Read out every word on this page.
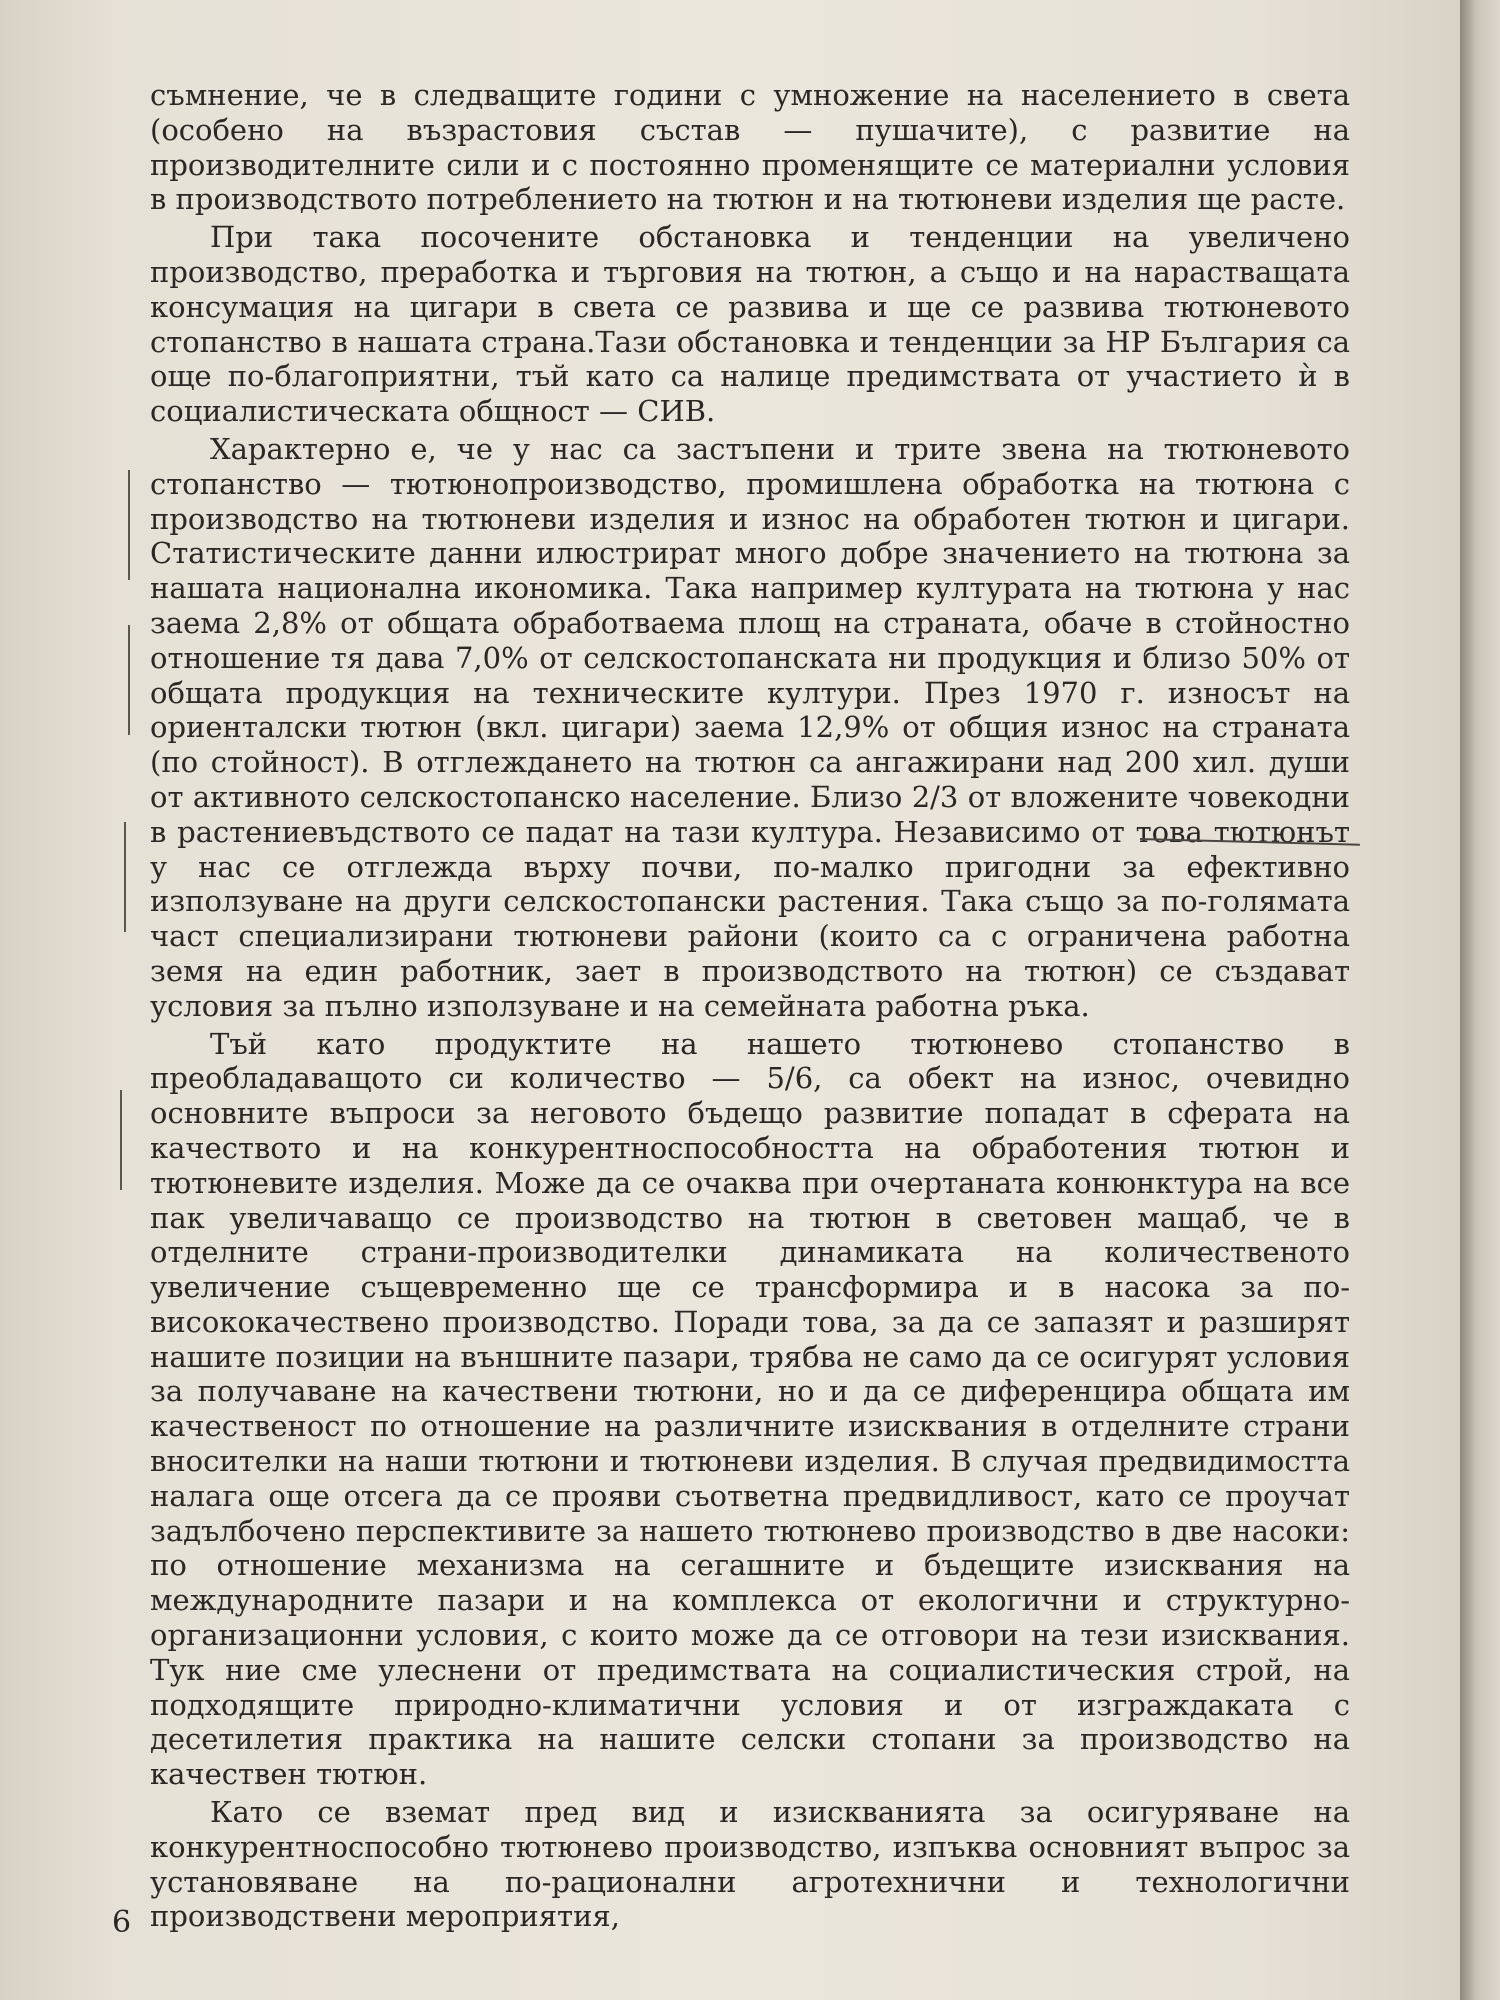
съмнение, че в следващите години с умножение на населението в света (особено на възрастовия състав — пушачите), с развитие на производителните сили и с постоянно променящите се материални условия в производството потреблението на тютюн и на тютюневи изделия ще расте.

При така посочените обстановка и тенденции на увеличено производство, преработка и търговия на тютюн, а също и на нарастващата консумация на цигари в света се развива и ще се развива тютюневото стопанство в нашата страна.Тази обстановка и тенденции за НР България са още по-благоприятни, тъй като са налице предимствата от участието ѝ в социалистическата общност — СИВ.

Характерно е, че у нас са застъпени и трите звена на тютюневото стопанство — тютюнопроизводство, промишлена обработка на тютюна с производство на тютюневи изделия и износ на обработен тютюн и цигари. Статистическите данни илюстрират много добре значението на тютюна за нашата национална икономика. Така например културата на тютюна у нас заема 2,8% от общата обработваема площ на страната, обаче в стойностно отношение тя дава 7,0% от селскостопанската ни продукция и близо 50% от общата продукция на техническите култури. През 1970 г. износът на ориенталски тютюн (вкл. цигари) заема 12,9% от общия износ на страната (по стойност). В отглеждането на тютюн са ангажирани над 200 хил. души от активното селскостопанско население. Близо 2/3 от вложените човекодни в растениевъдството се падат на тази култура. Независимо от това тютюнът у нас се отглежда върху почви, по-малко пригодни за ефективно използуване на други селскостопански растения. Така също за по-голямата част специализирани тютюневи райони (които са с ограничена работна земя на един работник, зает в производството на тютюн) се създават условия за пълно използуване и на семейната работна ръка.

Тъй като продуктите на нашето тютюнево стопанство в преобладаващото си количество — 5/6, са обект на износ, очевидно основните въпроси за неговото бъдещо развитие попадат в сферата на качеството и на конкурентноспособността на обработения тютюн и тютюневите изделия. Може да се очаква при очертаната конюнктура на все пак увеличаващо се производство на тютюн в световен мащаб, че в отделните страни-производителки динамиката на количественото увеличение същевременно ще се трансформира и в насока за по-висококачествено производство. Поради това, за да се запазят и разширят нашите позиции на външните пазари, трябва не само да се осигурят условия за получаване на качествени тютюни, но и да се диференцира общата им качественост по отношение на различните изисквания в отделните страни вносителки на наши тютюни и тютюневи изделия. В случая предвидимостта налага още отсега да се прояви съответна предвидливост, като се проучат задълбочено перспективите за нашето тютюнево производство в две насоки: по отношение механизма на сегашните и бъдещите изисквания на международните пазари и на комплекса от екологични и структурно-организационни условия, с които може да се отговори на тези изисквания. Тук ние сме улеснени от предимствата на социалистическия строй, на подходящите природно-климатични условия и от изграждаката с десетилетия практика на нашите селски стопани за производство на качествен тютюн.

Като се вземат пред вид и изискванията за осигуряване на конкурентноспособно тютюнево производство, изпъква основният въпрос за установяване на по-рационални агротехнични и технологични производствени мероприятия,

6
